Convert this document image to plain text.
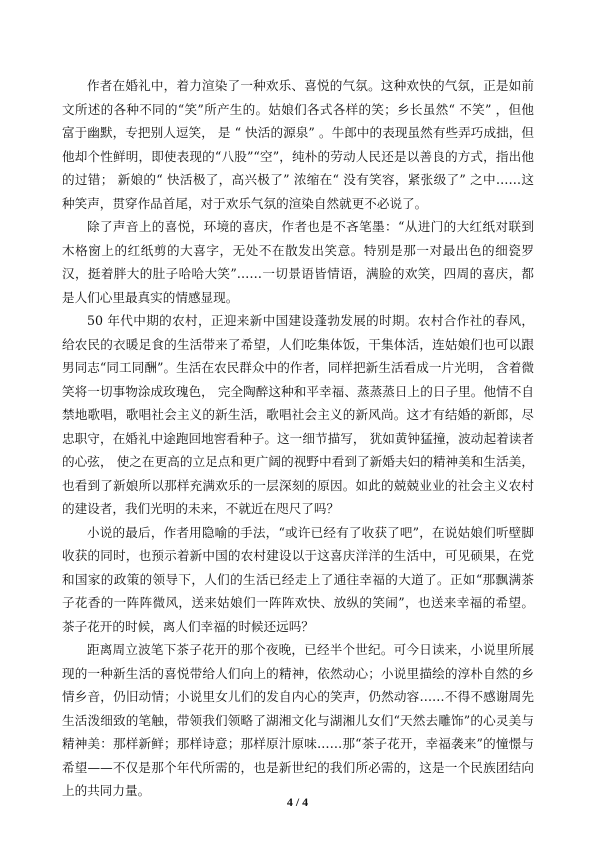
作者在婚礼中，着力渲染了一种欢乐、喜悦的气氛。这种欢快的气氛，正是如前文所述的各种不同的“笑”所产生的。姑娘们各式各样的笑；乡长虽然“ 不笑” ，但他富于幽默，专把别人逗笑， 是 “ 快活的源泉” 。牛郎中的表现虽然有些弄巧成拙，但他却个性鲜明，即使表现的“八股”“空”，纯朴的劳动人民还是以善良的方式，指出他的过错； 新娘的“ 快活极了，高兴极了” 浓缩在“ 没有笑容，紧张级了” 之中……这种笑声，贯穿作品首尾，对于欢乐气氛的渲染自然就更不必说了。

除了声音上的喜悦，环境的喜庆，作者也是不吝笔墨：“从进门的大红纸对联到木格窗上的红纸剪的大喜字，无处不在散发出笑意。特别是那一对最出色的细瓷罗汉，挺着胖大的肚子哈哈大笑”……一切景语皆情语，满脸的欢笑，四周的喜庆，都是人们心里最真实的情感显现。

50 年代中期的农村，正迎来新中国建设蓬勃发展的时期。农村合作社的春风，给农民的衣暖足食的生活带来了希望，人们吃集体饭，干集体活，连姑娘们也可以跟男同志“同工同酬”。生活在农民群众中的作者，同样把新生活看成一片光明， 含着微笑将一切事物涂成玫瑰色， 完全陶醉这种和平幸福、蒸蒸蒸日上的日子里。他情不自禁地歌唱，歌唱社会主义的新生活，歌唱社会主义的新风尚。这才有结婚的新郎，尽忠职守，在婚礼中途跑回地窖看种子。这一细节描写， 犹如黄钟猛撞，波动起着读者的心弦， 使之在更高的立足点和更广阔的视野中看到了新婚夫妇的精神美和生活美，也看到了新娘所以那样充满欢乐的一层深刻的原因。如此的兢兢业业的社会主义农村的建设者，我们光明的未来，不就近在咫尺了吗？

小说的最后，作者用隐喻的手法，“或许已经有了收获了吧”，在说姑娘们听壁脚收获的同时，也预示着新中国的农村建设以于这喜庆洋洋的生活中，可见硕果，在党和国家的政策的领导下，人们的生活已经走上了通往幸福的大道了。正如“那飘满茶子花香的一阵阵微风，送来姑娘们一阵阵欢快、放纵的笑闹”，也送来幸福的希望。茶子花开的时候，离人们幸福的时候还远吗？

距离周立波笔下茶子花开的那个夜晚，已经半个世纪。可今日读来，小说里所展现的一种新生活的喜悦带给人们向上的精神，依然动心；小说里描绘的淳朴自然的乡情乡音，仍旧动情；小说里女儿们的发自内心的笑声，仍然动容……不得不感谢周先生活泼细致的笔触，带领我们领略了湖湘文化与湖湘儿女们“天然去雕饰”的心灵美与精神美：那样新鲜；那样诗意；那样原汁原味……那“茶子花开，幸福袭来”的憧憬与希望——不仅是那个年代所需的，也是新世纪的我们所必需的，这是一个民族团结向上的共同力量。

4 / 4
